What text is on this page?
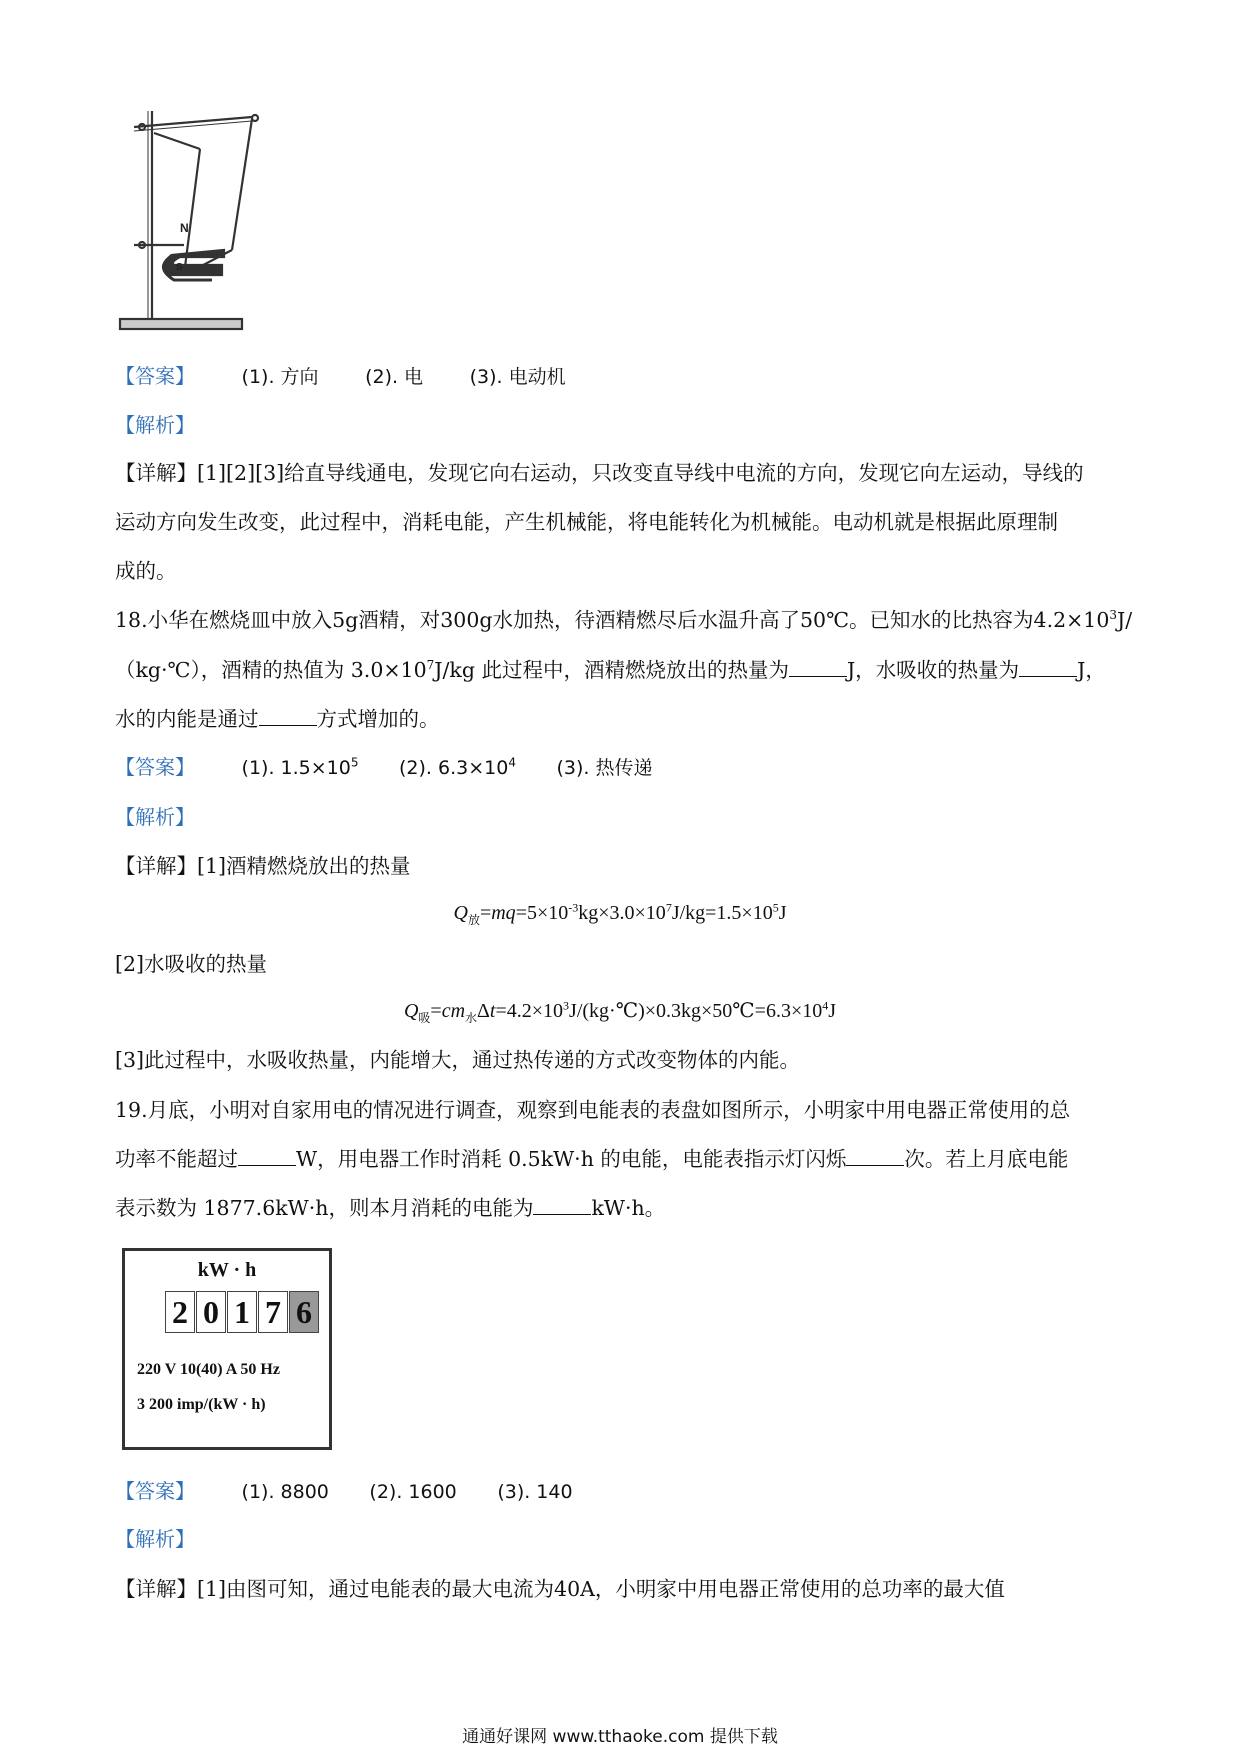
N
S
【答案】 (1). 方向 (2). 电 (3). 电动机
【解析】
【详解】[1][2][3]给直导线通电，发现它向右运动，只改变直导线中电流的方向，发现它向左运动，导线的
运动方向发生改变，此过程中，消耗电能，产生机械能，将电能转化为机械能。电动机就是根据此原理制
成的。
18.小华在燃烧皿中放入5g酒精，对300g水加热，待酒精燃尽后水温升高了50℃。已知水的比热容为$4.2\times 10^3J/$
（kg·℃），酒精的热值为 $3.0\times 10^7J/kg$ 此过程中，酒精燃烧放出的热量为	J，水吸收的热量为	J，
水的内能是通过	方式增加的。
【答案】 (1). $1.5\times 10^5$ (2). $6.3\times 10^4$ (3). 热传递
【解析】
【详解】[1]酒精燃烧放出的热量
$Q_放=mq=5\times 10^{-3}kg\times 3.0\times 10^7J/kg=1.5\times 10^5J$
[2]水吸收的热量
$Q_吸=cm_水\Delta t=4.2\times 10^3J/(kg\cdot℃)\times 0.3kg\times 50℃=6.3\times 10^4J$
[3]此过程中，水吸收热量，内能增大，通过热传递的方式改变物体的内能。
19.月底，小明对自家用电的情况进行调查，观察到电能表的表盘如图所示，小明家中用电器正常使用的总
功率不能超过	W，用电器工作时消耗 0.5kW·h 的电能，电能表指示灯闪烁	次。若上月底电能
表示数为 1877.6kW·h，则本月消耗的电能为	kW·h。
kW · h
2 0 1 7 6
220 V 10(40) A 50 Hz
3 200 imp/(kW · h)
【答案】 (1). 8800 (2). 1600 (3). 140
【解析】
【详解】[1]由图可知，通过电能表的最大电流为40A，小明家中用电器正常使用的总功率的最大值
通通好课网 www.tthaoke.com 提供下载
